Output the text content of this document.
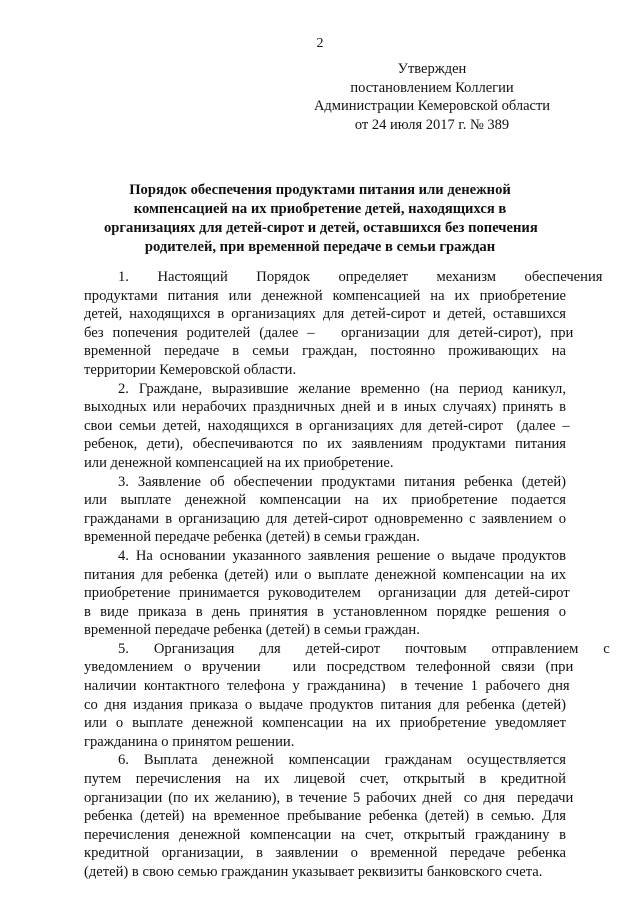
2
Утвержден
постановлением Коллегии
Администрации Кемеровской области
от 24 июля 2017 г. № 389
Порядок обеспечения продуктами питания или денежной
компенсацией на их приобретение детей, находящихся в
организациях для детей-сирот и детей, оставшихся без попечения
родителей, при временной передаче в семьи граждан
1.   Настоящий   Порядок   определяет   механизм   обеспечения
продуктами питания или денежной компенсацией на их приобретение
детей, находящихся в организациях для детей-сирот и детей, оставшихся
без попечения родителей (далее –   организации для детей-сирот), при
временной передаче в семьи граждан, постоянно проживающих на
территории Кемеровской области.
2. Граждане, выразившие желание временно (на период каникул,
выходных или нерабочих праздничных дней и в иных случаях) принять в
свои семьи детей, находящихся в организациях для детей-сирот  (далее –
ребенок, дети), обеспечиваются по их заявлениям продуктами питания
или денежной компенсацией на их приобретение.
3. Заявление об обеспечении продуктами питания ребенка (детей)
или выплате денежной компенсации на их приобретение подается
гражданами в организацию для детей-сирот одновременно с заявлением о
временной передаче ребенка (детей) в семьи граждан.
4. На основании указанного заявления решение о выдаче продуктов
питания для ребенка (детей) или о выплате денежной компенсации на их
приобретение принимается руководителем  организации для детей-сирот
в виде приказа в день принятия в установленном порядке решения о
временной передаче ребенка (детей) в семьи граждан.
5.   Организация   для   детей-сирот   почтовым   отправлением   с
уведомлением о вручении   или посредством телефонной связи (при
наличии контактного телефона у гражданина)  в течение 1 рабочего дня
со дня издания приказа о выдаче продуктов питания для ребенка (детей)
или о выплате денежной компенсации на их приобретение уведомляет
гражданина о принятом решении.
6. Выплата денежной компенсации гражданам осуществляется
путем перечисления на их лицевой счет, открытый в кредитной
организации (по их желанию), в течение 5 рабочих дней  со дня  передачи
ребенка (детей) на временное пребывание ребенка (детей) в семью. Для
перечисления денежной компенсации на счет, открытый гражданину в
кредитной организации, в заявлении о временной передаче ребенка
(детей) в свою семью гражданин указывает реквизиты банковского счета.
